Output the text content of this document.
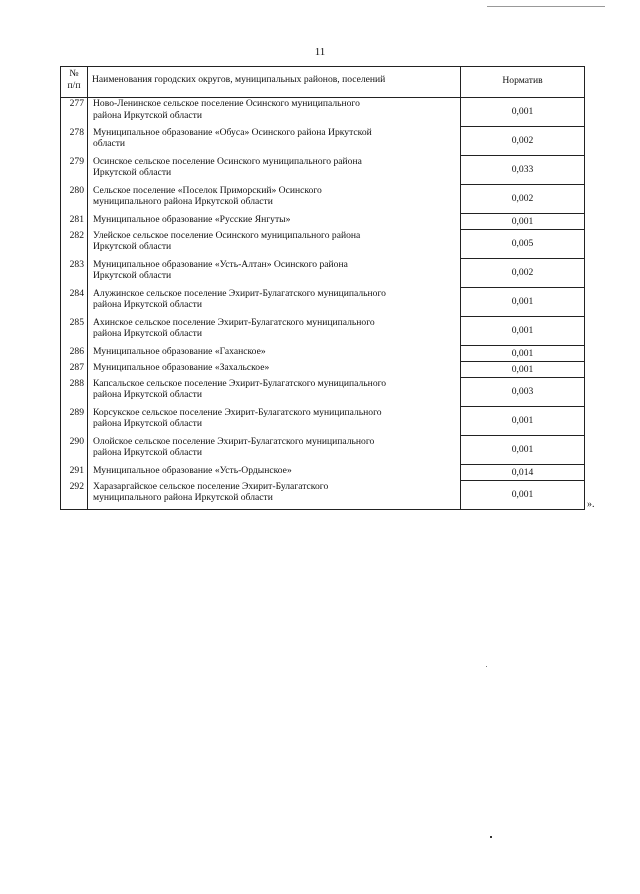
11
№
п/п	Наименования городских округов, муниципальных районов, поселений	Норматив
277	Ново-Ленинское сельское поселение Осинского муниципального
района Иркутской области	0,001
278	Муниципальное образование «Обуса» Осинского района Иркутской
области	0,002
279	Осинское сельское поселение Осинского муниципального района
Иркутской области	0,033
280	Сельское поселение «Поселок Приморский» Осинского
муниципального района Иркутской области	0,002
281	Муниципальное образование «Русские Янгуты»	0,001
282	Улейское сельское поселение Осинского муниципального района
Иркутской области	0,005
283	Муниципальное образование «Усть-Алтан» Осинского района
Иркутской области	0,002
284	Алужинское сельское поселение Эхирит-Булагатского муниципального
района Иркутской области	0,001
285	Ахинское сельское поселение Эхирит-Булагатского муниципального
района Иркутской области	0,001
286	Муниципальное образование «Гаханское»	0,001
287	Муниципальное образование «Захальское»	0,001
288	Капсальское сельское поселение Эхирит-Булагатского муниципального
района Иркутской области	0,003
289	Корсукское сельское поселение Эхирит-Булагатского муниципального
района Иркутской области	0,001
290	Олойское сельское поселение Эхирит-Булагатского муниципального
района Иркутской области	0,001
291	Муниципальное образование «Усть-Ордынское»	0,014
292	Харазаргайское сельское поселение Эхирит-Булагатского
муниципального района Иркутской области	0,001
».
